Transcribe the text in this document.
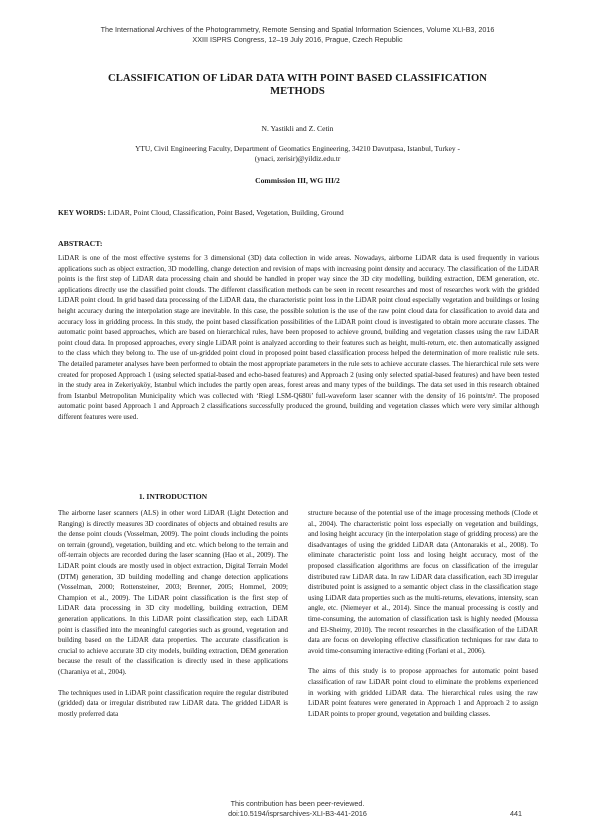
The International Archives of the Photogrammetry, Remote Sensing and Spatial Information Sciences, Volume XLI-B3, 2016
XXIII ISPRS Congress, 12–19 July 2016, Prague, Czech Republic
CLASSIFICATION OF LiDAR DATA WITH POINT BASED CLASSIFICATION
METHODS
N. Yastikli and Z. Cetin
YTU, Civil Engineering Faculty, Department of Geomatics Engineering, 34210 Davutpasa, Istanbul, Turkey -
(ynaci, zerisir)@yildiz.edu.tr
Commission III, WG III/2
KEY WORDS: LiDAR, Point Cloud, Classification, Point Based, Vegetation, Building, Ground
ABSTRACT:

LiDAR is one of the most effective systems for 3 dimensional (3D) data collection in wide areas. Nowadays, airborne LiDAR data is used frequently in various applications such as object extraction, 3D modelling, change detection and revision of maps with increasing point density and accuracy. The classification of the LiDAR points is the first step of LiDAR data processing chain and should be handled in proper way since the 3D city modelling, building extraction, DEM generation, etc. applications directly use the classified point clouds. The different classification methods can be seen in recent researches and most of researches work with the gridded LiDAR point cloud. In grid based data processing of the LiDAR data, the characteristic point loss in the LiDAR point cloud especially vegetation and buildings or losing height accuracy during the interpolation stage are inevitable. In this case, the possible solution is the use of the raw point cloud data for classification to avoid data and accuracy loss in gridding process. In this study, the point based classification possibilities of the LiDAR point cloud is investigated to obtain more accurate classes. The automatic point based approaches, which are based on hierarchical rules, have been proposed to achieve ground, building and vegetation classes using the raw LiDAR point cloud data. In proposed approaches, every single LiDAR point is analyzed according to their features such as height, multi-return, etc. then automatically assigned to the class which they belong to. The use of un-gridded point cloud in proposed point based classification process helped the determination of more realistic rule sets. The detailed parameter analyses have been performed to obtain the most appropriate parameters in the rule sets to achieve accurate classes. The hierarchical rule sets were created for proposed Approach 1 (using selected spatial-based and echo-based features) and Approach 2 (using only selected spatial-based features) and have been tested in the study area in Zekeriyaköy, Istanbul which includes the partly open areas, forest areas and many types of the buildings. The data set used in this research obtained from Istanbul Metropolitan Municipality which was collected with ‘Riegl LSM-Q680i’ full-waveform laser scanner with the density of 16 points/m². The proposed automatic point based Approach 1 and Approach 2 classifications successfully produced the ground, building and vegetation classes which were very similar although different features were used.

1. INTRODUCTION

The airborne laser scanners (ALS) in other word LiDAR (Light Detection and Ranging) is directly measures 3D coordinates of objects and obtained results are the dense point clouds (Vosselman, 2009). The point clouds including the points on terrain (ground), vegetation, building and etc. which belong to the terrain and off-terrain objects are recorded during the laser scanning (Hao et al., 2009). The LiDAR point clouds are mostly used in object extraction, Digital Terrain Model (DTM) generation, 3D building modelling and change detection applications (Vosselman, 2000; Rottensteiner, 2003; Brenner, 2005; Hommel, 2009; Champion et al., 2009). The LiDAR point classification is the first step of LiDAR data processing in 3D city modelling, building extraction, DEM generation applications. In this LiDAR point classification step, each LiDAR point is classified into the meaningful categories such as ground, vegetation and building based on the LiDAR data properties. The accurate classification is crucial to achieve accurate 3D city models, building extraction, DEM generation because the result of the classification is directly used in these applications (Charaniya et al., 2004).

The techniques used in LiDAR point classification require the regular distributed (gridded) data or irregular distributed raw LiDAR data. The gridded LiDAR is mostly preferred data

structure because of the potential use of the image processing methods (Clode et al., 2004). The characteristic point loss especially on vegetation and buildings, and losing height accuracy (in the interpolation stage of gridding process) are the disadvantages of using the gridded LiDAR data (Antonarakis et al., 2008). To eliminate characteristic point loss and losing height accuracy, most of the proposed classification algorithms are focus on classification of the irregular distributed raw LiDAR data. In raw LiDAR data classification, each 3D irregular distributed point is assigned to a semantic object class in the classification stage using LiDAR data properties such as the multi-returns, elevations, intensity, scan angle, etc. (Niemeyer et al., 2014). Since the manual processing is costly and time-consuming, the automation of classification task is highly needed (Moussa and El-Sheimy, 2010). The recent researches in the classification of the LiDAR data are focus on developing effective classification techniques for raw data to avoid time-consuming interactive editing (Forlani et al., 2006).

The aims of this study is to propose approaches for automatic point based classification of raw LiDAR point cloud to eliminate the problems experienced in working with gridded LiDAR data. The hierarchical rules using the raw LiDAR point features were generated in Approach 1 and Approach 2 to assign LiDAR points to proper ground, vegetation and building classes.

This contribution has been peer-reviewed.
doi:10.5194/isprsarchives-XLI-B3-441-2016	441
